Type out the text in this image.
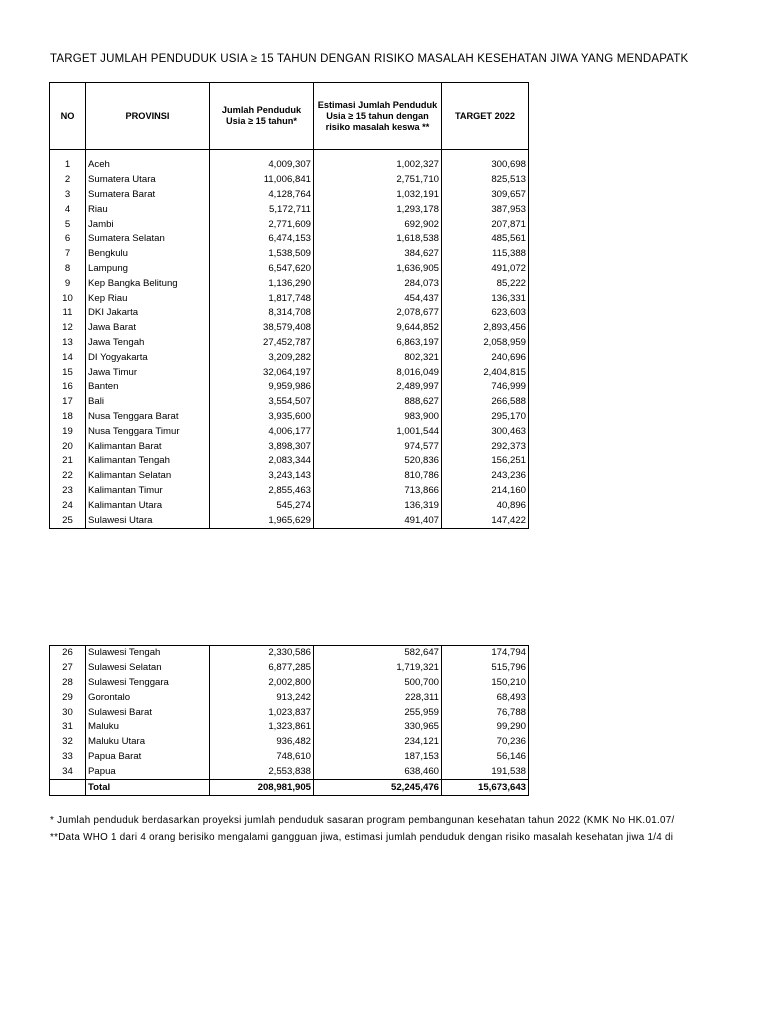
TARGET JUMLAH PENDUDUK USIA ≥ 15 TAHUN DENGAN RISIKO MASALAH KESEHATAN JIWA YANG MENDAPATK
NO	PROVINSI	Jumlah Penduduk Usia ≥ 15 tahun*	Estimasi Jumlah Penduduk Usia ≥ 15 tahun dengan risiko masalah keswa **	TARGET 2022

1	Aceh	4,009,307	1,002,327	300,698
2	Sumatera Utara	11,006,841	2,751,710	825,513
3	Sumatera Barat	4,128,764	1,032,191	309,657
4	Riau	5,172,711	1,293,178	387,953
5	Jambi	2,771,609	692,902	207,871
6	Sumatera Selatan	6,474,153	1,618,538	485,561
7	Bengkulu	1,538,509	384,627	115,388
8	Lampung	6,547,620	1,636,905	491,072
9	Kep Bangka Belitung	1,136,290	284,073	85,222
10	Kep Riau	1,817,748	454,437	136,331
11	DKI Jakarta	8,314,708	2,078,677	623,603
12	Jawa Barat	38,579,408	9,644,852	2,893,456
13	Jawa Tengah	27,452,787	6,863,197	2,058,959
14	DI Yogyakarta	3,209,282	802,321	240,696
15	Jawa Timur	32,064,197	8,016,049	2,404,815
16	Banten	9,959,986	2,489,997	746,999
17	Bali	3,554,507	888,627	266,588
18	Nusa Tenggara Barat	3,935,600	983,900	295,170
19	Nusa Tenggara Timur	4,006,177	1,001,544	300,463
20	Kalimantan Barat	3,898,307	974,577	292,373
21	Kalimantan Tengah	2,083,344	520,836	156,251
22	Kalimantan Selatan	3,243,143	810,786	243,236
23	Kalimantan Timur	2,855,463	713,866	214,160
24	Kalimantan Utara	545,274	136,319	40,896
25	Sulawesi Utara	1,965,629	491,407	147,422
26	Sulawesi Tengah	2,330,586	582,647	174,794
27	Sulawesi Selatan	6,877,285	1,719,321	515,796
28	Sulawesi Tenggara	2,002,800	500,700	150,210
29	Gorontalo	913,242	228,311	68,493
30	Sulawesi Barat	1,023,837	255,959	76,788
31	Maluku	1,323,861	330,965	99,290
32	Maluku Utara	936,482	234,121	70,236
33	Papua Barat	748,610	187,153	56,146
34	Papua	2,553,838	638,460	191,538
	Total	208,981,905	52,245,476	15,673,643
* Jumlah penduduk berdasarkan proyeksi jumlah penduduk sasaran program pembangunan kesehatan tahun 2022 (KMK No HK.01.07/
**Data WHO 1 dari 4 orang berisiko mengalami gangguan jiwa, estimasi jumlah penduduk dengan risiko masalah kesehatan jiwa 1/4 di
